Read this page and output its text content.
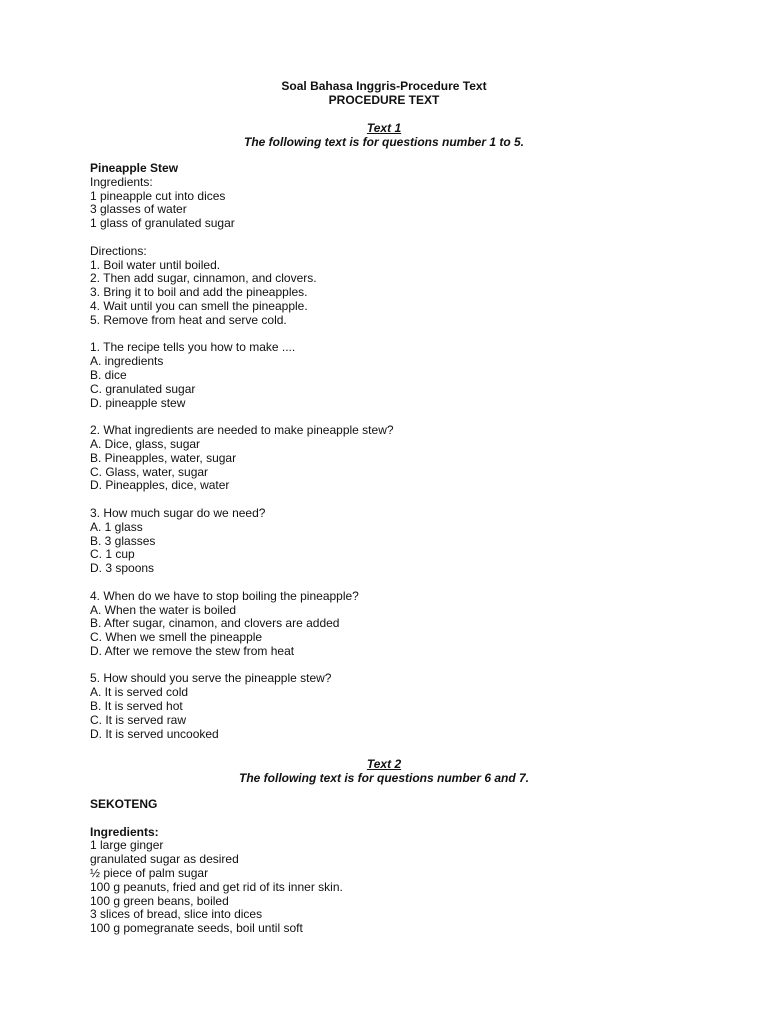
Soal Bahasa Inggris-Procedure Text
PROCEDURE TEXT
Text 1
The following text is for questions number 1 to 5.
Pineapple Stew
Ingredients:
1 pineapple cut into dices
3 glasses of water
1 glass of granulated sugar
Directions:
1. Boil water until boiled.
2. Then add sugar, cinnamon, and clovers.
3. Bring it to boil and add the pineapples.
4. Wait until you can smell the pineapple.
5. Remove from heat and serve cold.
1. The recipe tells you how to make ....
A. ingredients
B. dice
C. granulated sugar
D. pineapple stew
2. What ingredients are needed to make pineapple stew?
A. Dice, glass, sugar
B. Pineapples, water, sugar
C. Glass, water, sugar
D. Pineapples, dice, water
3. How much sugar do we need?
A. 1 glass
B. 3 glasses
C. 1 cup
D. 3 spoons
4. When do we have to stop boiling the pineapple?
A. When the water is boiled
B. After sugar, cinamon, and clovers are added
C. When we smell the pineapple
D. After we remove the stew from heat
5. How should you serve the pineapple stew?
A. It is served cold
B. It is served hot
C. It is served raw
D. It is served uncooked
Text 2
The following text is for questions number 6 and 7.
SEKOTENG
Ingredients:
1 large ginger
granulated sugar as desired
½ piece of palm sugar
100 g peanuts, fried and get rid of its inner skin.
100 g green beans, boiled
3 slices of bread, slice into dices
100 g pomegranate seeds, boil until soft
